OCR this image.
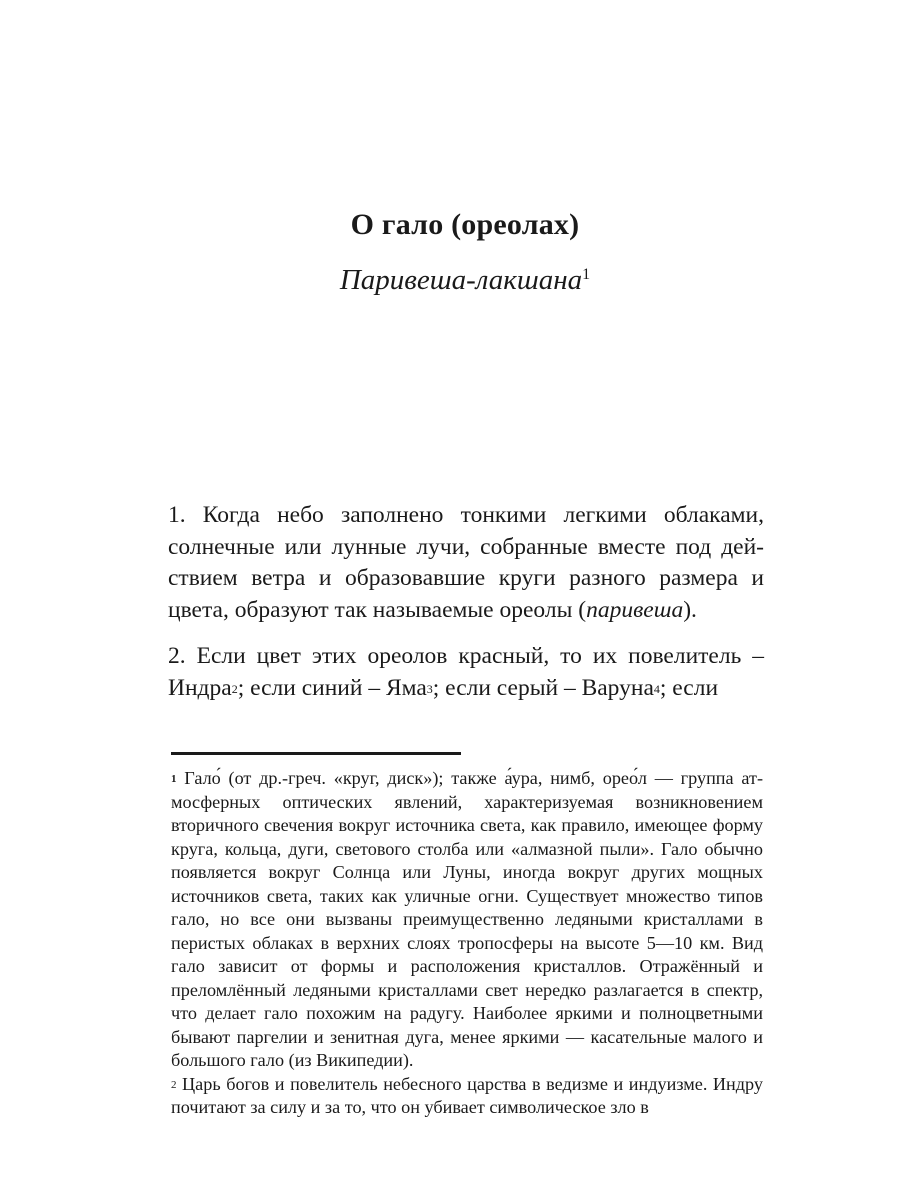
О гало (ореолах)
Паривеша-лакшана$^1$

1. Когда небо заполнено тонкими легкими облаками, солнечные или лунные лучи, собранные вместе под действием ветра и образовавшие круги разного размера и цвета, образуют так называемые ореолы (паривеша).

2. Если цвет этих ореолов красный, то их повелитель – Индра$^2$; если синий – Яма$^3$; если серый – Варуна$^4$; если

$^1$ Гало́ (от др.-греч. «круг, диск»); также а́ура, нимб, орео́л — группа атмосферных оптических явлений, характеризуемая возникновением вторичного свечения вокруг источника света, как правило, имеющее форму круга, кольца, дуги, светового столба или «алмазной пыли». Гало обычно появляется вокруг Солнца или Луны, иногда вокруг других мощных источников света, таких как уличные огни. Существует множество типов гало, но все они вызваны преимущественно ледяными кристаллами в перистых облаках в верхних слоях тропосферы на высоте 5—10 км. Вид гало зависит от формы и расположения кристаллов. Отражённый и преломлённый ледяными кристаллами свет нередко разлагается в спектр, что делает гало похожим на радугу. Наиболее яркими и полноцветными бывают паргелии и зенитная дуга, менее яркими — касательные малого и большого гало (из Википедии).

$^2$ Царь богов и повелитель небесного царства в ведизме и индуизме. Индру почитают за силу и за то, что он убивает символическое зло в
